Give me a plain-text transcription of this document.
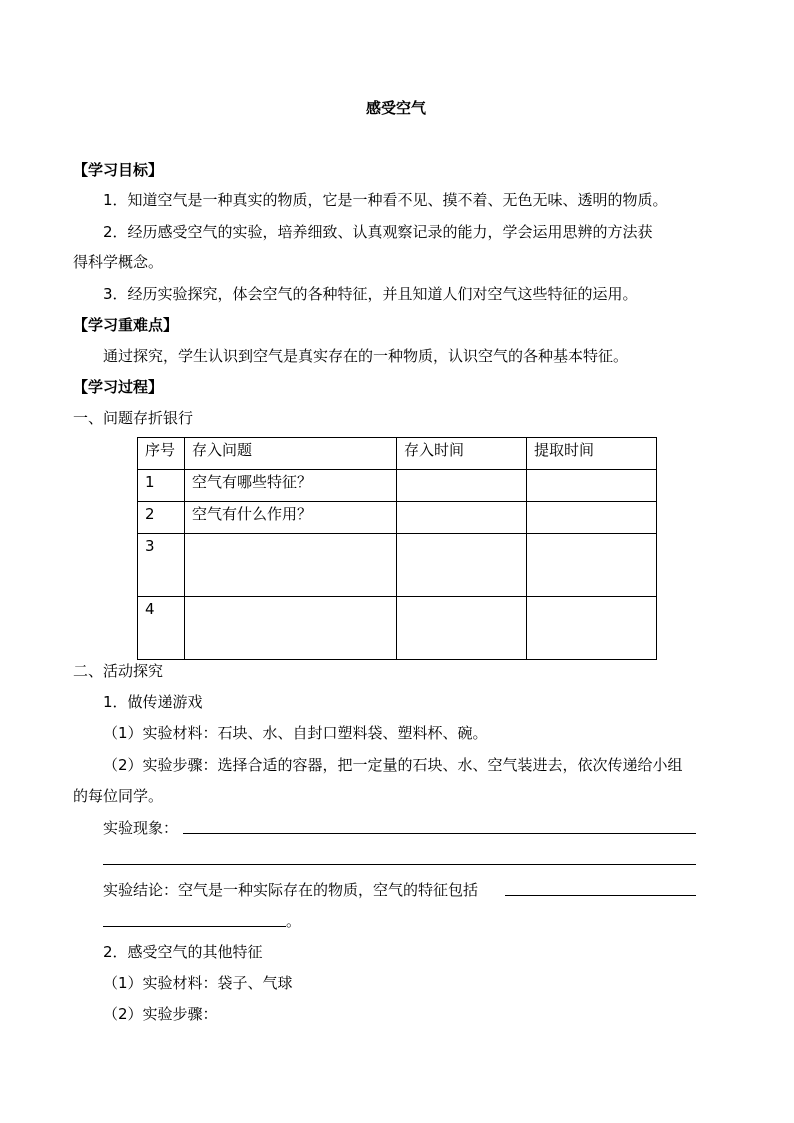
感受空气
【学习目标】
1．知道空气是一种真实的物质，它是一种看不见、摸不着、无色无味、透明的物质。
2．经历感受空气的实验，培养细致、认真观察记录的能力，学会运用思辨的方法获
得科学概念。
3．经历实验探究，体会空气的各种特征，并且知道人们对空气这些特征的运用。
【学习重难点】
通过探究，学生认识到空气是真实存在的一种物质，认识空气的各种基本特征。
【学习过程】
一、问题存折银行
序号	存入问题	存入时间	提取时间
1	空气有哪些特征？		
2	空气有什么作用？		
3			
4			
二、活动探究
1．做传递游戏
（1）实验材料：石块、水、自封口塑料袋、塑料杯、碗。
（2）实验步骤：选择合适的容器，把一定量的石块、水、空气装进去，依次传递给小组
的每位同学。
实验现象：
实验结论：空气是一种实际存在的物质，空气的特征包括
。
2．感受空气的其他特征
（1）实验材料：袋子、气球
（2）实验步骤：
